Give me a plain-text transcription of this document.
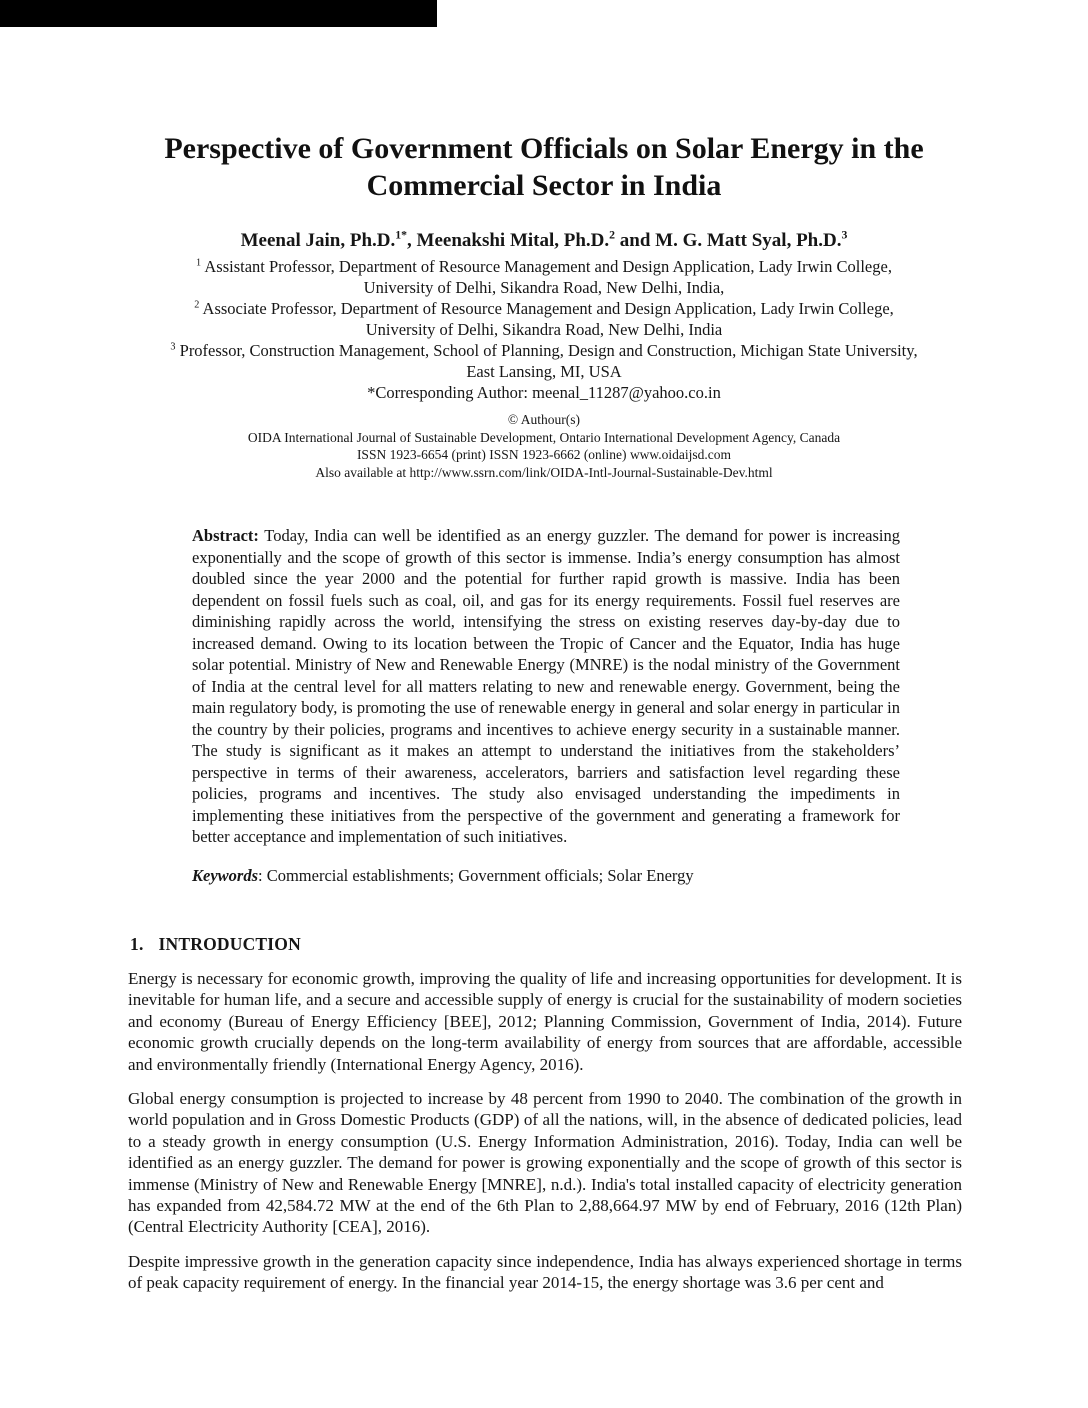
Perspective of Government Officials on Solar Energy in the
Commercial Sector in India
Meenal Jain, Ph.D.$^{1*}$, Meenakshi Mital, Ph.D.$^2$ and M. G. Matt Syal, Ph.D.$^3$
$^1$ Assistant Professor, Department of Resource Management and Design Application, Lady Irwin College,
University of Delhi, Sikandra Road, New Delhi, India,
$^2$ Associate Professor, Department of Resource Management and Design Application, Lady Irwin College,
University of Delhi, Sikandra Road, New Delhi, India
$^3$ Professor, Construction Management, School of Planning, Design and Construction, Michigan State University,
East Lansing, MI, USA
*Corresponding Author: meenal_11287@yahoo.co.in
© Authour(s)
OIDA International Journal of Sustainable Development, Ontario International Development Agency, Canada
ISSN 1923-6654 (print) ISSN 1923-6662 (online) www.oidaijsd.com
Also available at http://www.ssrn.com/link/OIDA-Intl-Journal-Sustainable-Dev.html
Abstract: Today, India can well be identified as an energy guzzler. The demand for power is increasing exponentially and the scope of growth of this sector is immense. India’s energy consumption has almost doubled since the year 2000 and the potential for further rapid growth is massive. India has been dependent on fossil fuels such as coal, oil, and gas for its energy requirements. Fossil fuel reserves are diminishing rapidly across the world, intensifying the stress on existing reserves day-by-day due to increased demand. Owing to its location between the Tropic of Cancer and the Equator, India has huge solar potential. Ministry of New and Renewable Energy (MNRE) is the nodal ministry of the Government of India at the central level for all matters relating to new and renewable energy. Government, being the main regulatory body, is promoting the use of renewable energy in general and solar energy in particular in the country by their policies, programs and incentives to achieve energy security in a sustainable manner. The study is significant as it makes an attempt to understand the initiatives from the stakeholders’ perspective in terms of their awareness, accelerators, barriers and satisfaction level regarding these policies, programs and incentives. The study also envisaged understanding the impediments in implementing these initiatives from the perspective of the government and generating a framework for better acceptance and implementation of such initiatives.
Keywords: Commercial establishments; Government officials; Solar Energy
1. INTRODUCTION

Energy is necessary for economic growth, improving the quality of life and increasing opportunities for development. It is inevitable for human life, and a secure and accessible supply of energy is crucial for the sustainability of modern societies and economy (Bureau of Energy Efficiency [BEE], 2012; Planning Commission, Government of India, 2014). Future economic growth crucially depends on the long-term availability of energy from sources that are affordable, accessible and environmentally friendly (International Energy Agency, 2016).

Global energy consumption is projected to increase by 48 percent from 1990 to 2040. The combination of the growth in world population and in Gross Domestic Products (GDP) of all the nations, will, in the absence of dedicated policies, lead to a steady growth in energy consumption (U.S. Energy Information Administration, 2016). Today, India can well be identified as an energy guzzler. The demand for power is growing exponentially and the scope of growth of this sector is immense (Ministry of New and Renewable Energy [MNRE], n.d.). India's total installed capacity of electricity generation has expanded from 42,584.72 MW at the end of the 6th Plan to 2,88,664.97 MW by end of February, 2016 (12th Plan) (Central Electricity Authority [CEA], 2016).

Despite impressive growth in the generation capacity since independence, India has always experienced shortage in terms of peak capacity requirement of energy. In the financial year 2014-15, the energy shortage was 3.6 per cent and
